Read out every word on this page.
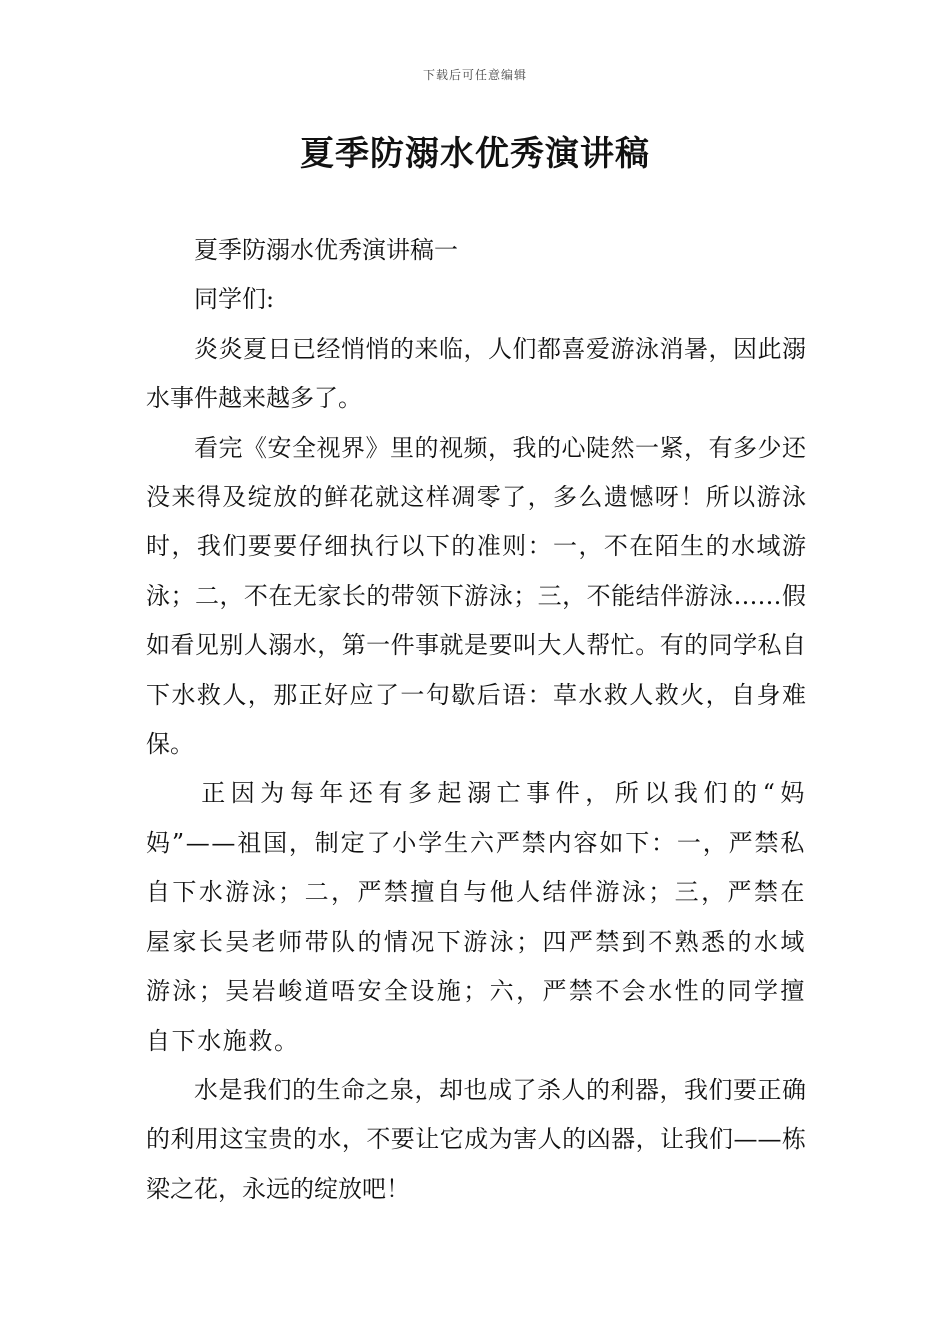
下载后可任意编辑
夏季防溺水优秀演讲稿

夏季防溺水优秀演讲稿一

同学们:

炎炎夏日已经悄悄的来临，人们都喜爱游泳消暑，因此溺水事件越来越多了。

看完《安全视界》里的视频，我的心陡然一紧，有多少还没来得及绽放的鲜花就这样凋零了，多么遗憾呀！所以游泳时，我们要要仔细执行以下的准则：一，不在陌生的水域游泳；二，不在无家长的带领下游泳；三，不能结伴游泳……假如看见别人溺水，第一件事就是要叫大人帮忙。有的同学私自下水救人，那正好应了一句歇后语：草水救人救火，自身难保。

正因为每年还有多起溺亡事件，所以我们的“妈妈”——祖国，制定了小学生六严禁内容如下：一，严禁私自下水游泳；二，严禁擅自与他人结伴游泳；三，严禁在屋家长吴老师带队的情况下游泳；四严禁到不熟悉的水域游泳；吴岩峻道唔安全设施；六，严禁不会水性的同学擅自下水施救。

水是我们的生命之泉，却也成了杀人的利器，我们要正确的利用这宝贵的水，不要让它成为害人的凶器，让我们——栋梁之花，永远的绽放吧！
